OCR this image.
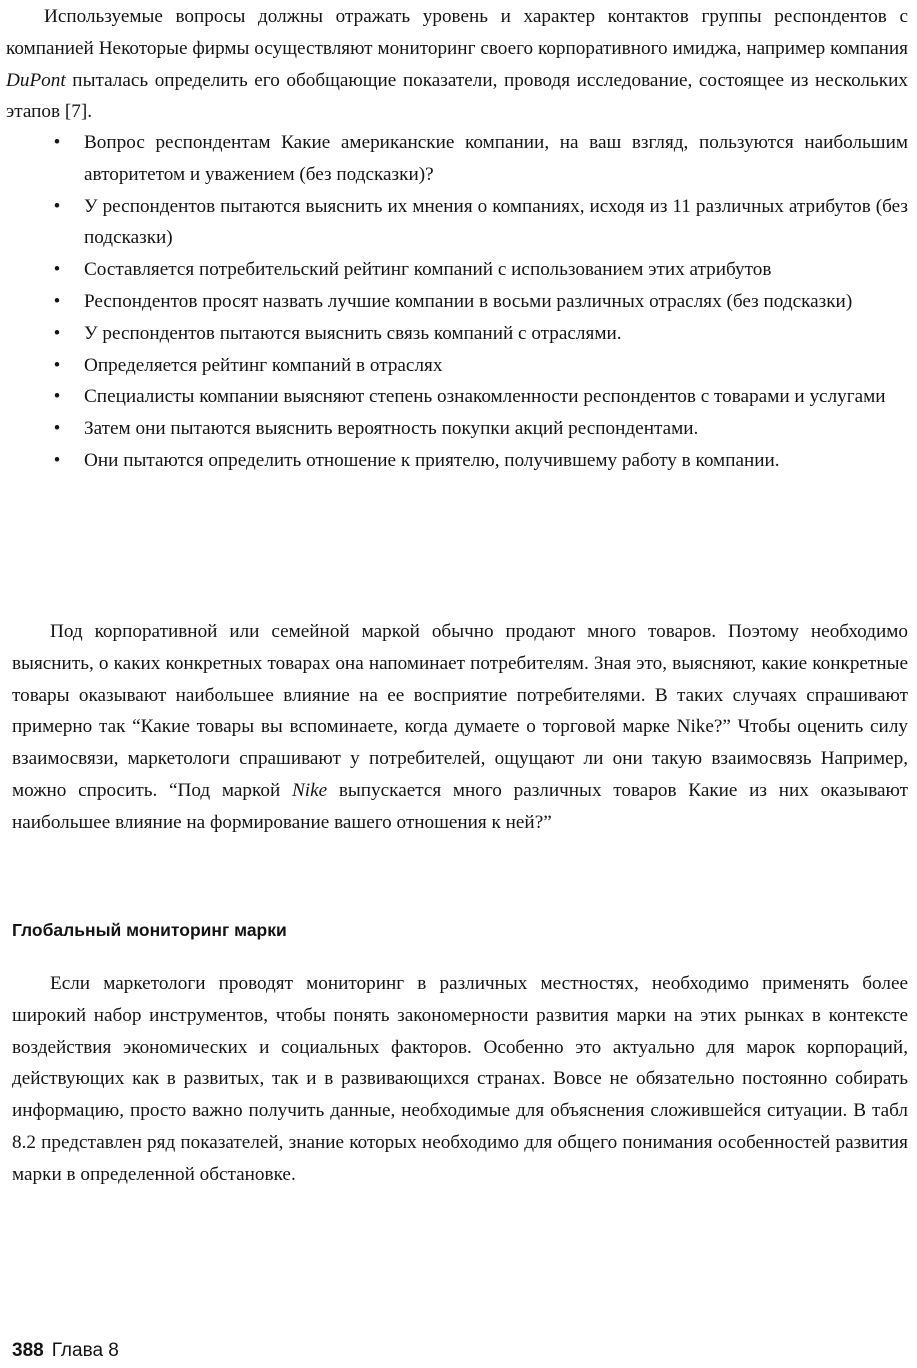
Используемые вопросы должны отражать уровень и характер контактов группы респондентов с компанией Некоторые фирмы осуществляют мониторинг своего корпоративного имиджа, например компания DuPont пыталась определить его обобщающие показатели, проводя исследование, состоящее из нескольких этапов [7].

• Вопрос респондентам Какие американские компании, на ваш взгляд, пользуются наибольшим авторитетом и уважением (без подсказки)?
• У респондентов пытаются выяснить их мнения о компаниях, исходя из 11 различных атрибутов (без подсказки)
• Составляется потребительский рейтинг компаний с использованием этих атрибутов
• Респондентов просят назвать лучшие компании в восьми различных отраслях (без подсказки)
• У респондентов пытаются выяснить связь компаний с отраслями.
• Определяется рейтинг компаний в отраслях
• Специалисты компании выясняют степень ознакомленности респондентов с товарами и услугами
• Затем они пытаются выяснить вероятность покупки акций респондентами.
• Они пытаются определить отношение к приятелю, получившему работу в компании.

Под корпоративной или семейной маркой обычно продают много товаров. Поэтому необходимо выяснить, о каких конкретных товарах она напоминает потребителям. Зная это, выясняют, какие конкретные товары оказывают наибольшее влияние на ее восприятие потребителями. В таких случаях спрашивают примерно так “Какие товары вы вспоминаете, когда думаете о торговой марке Nike?” Чтобы оценить силу взаимосвязи, маркетологи спрашивают у потребителей, ощущают ли они такую взаимосвязь Например, можно спросить. “Под маркой Nike выпускается много различных товаров Какие из них оказывают наибольшее влияние на формирование вашего отношения к ней?”

Глобальный мониторинг марки

Если маркетологи проводят мониторинг в различных местностях, необходимо применять более широкий набор инструментов, чтобы понять закономерности развития марки на этих рынках в контексте воздействия экономических и социальных факторов. Особенно это актуально для марок корпораций, действующих как в развитых, так и в развивающихся странах. Вовсе не обязательно постоянно собирать информацию, просто важно получить данные, необходимые для объяснения сложившейся ситуации. В табл 8.2 представлен ряд показателей, знание которых необходимо для общего понимания особенностей развития марки в определенной обстановке.

388 Глава 8
